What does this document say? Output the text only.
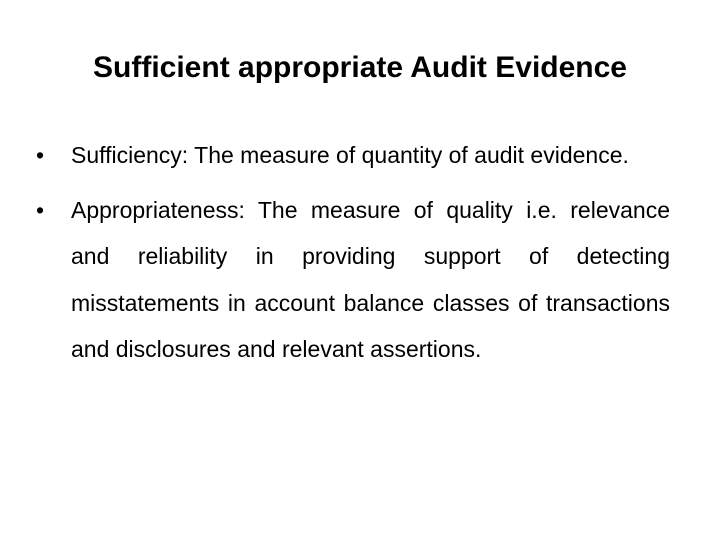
Sufficient appropriate Audit Evidence
•	Sufficiency: The measure of quantity of audit evidence.
•	Appropriateness: The measure of quality i.e. relevance and reliability in providing support of detecting misstatements in account balance classes of transactions and disclosures and relevant assertions.
